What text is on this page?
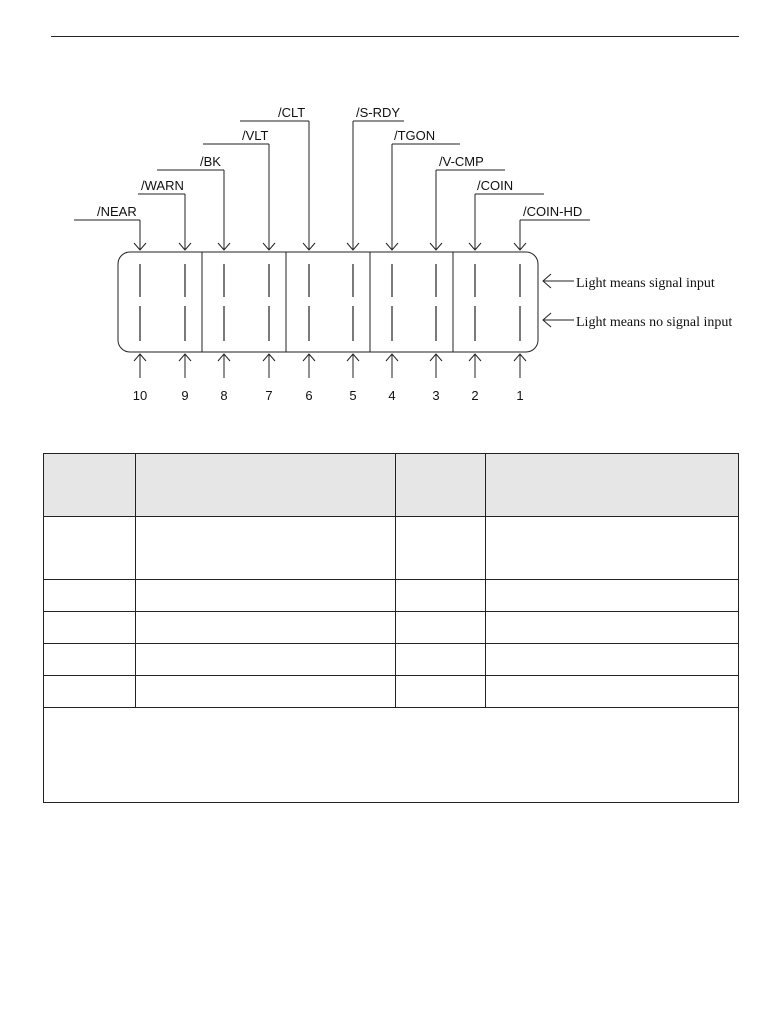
/NEAR
/WARN
/BK
/VLT
/CLT	/S-RDY
/TGON
/V-CMP
/COIN
/COIN-HD
10	9 8	7	6	5 4	3 2	1
Light means signal input
Light means no signal input
